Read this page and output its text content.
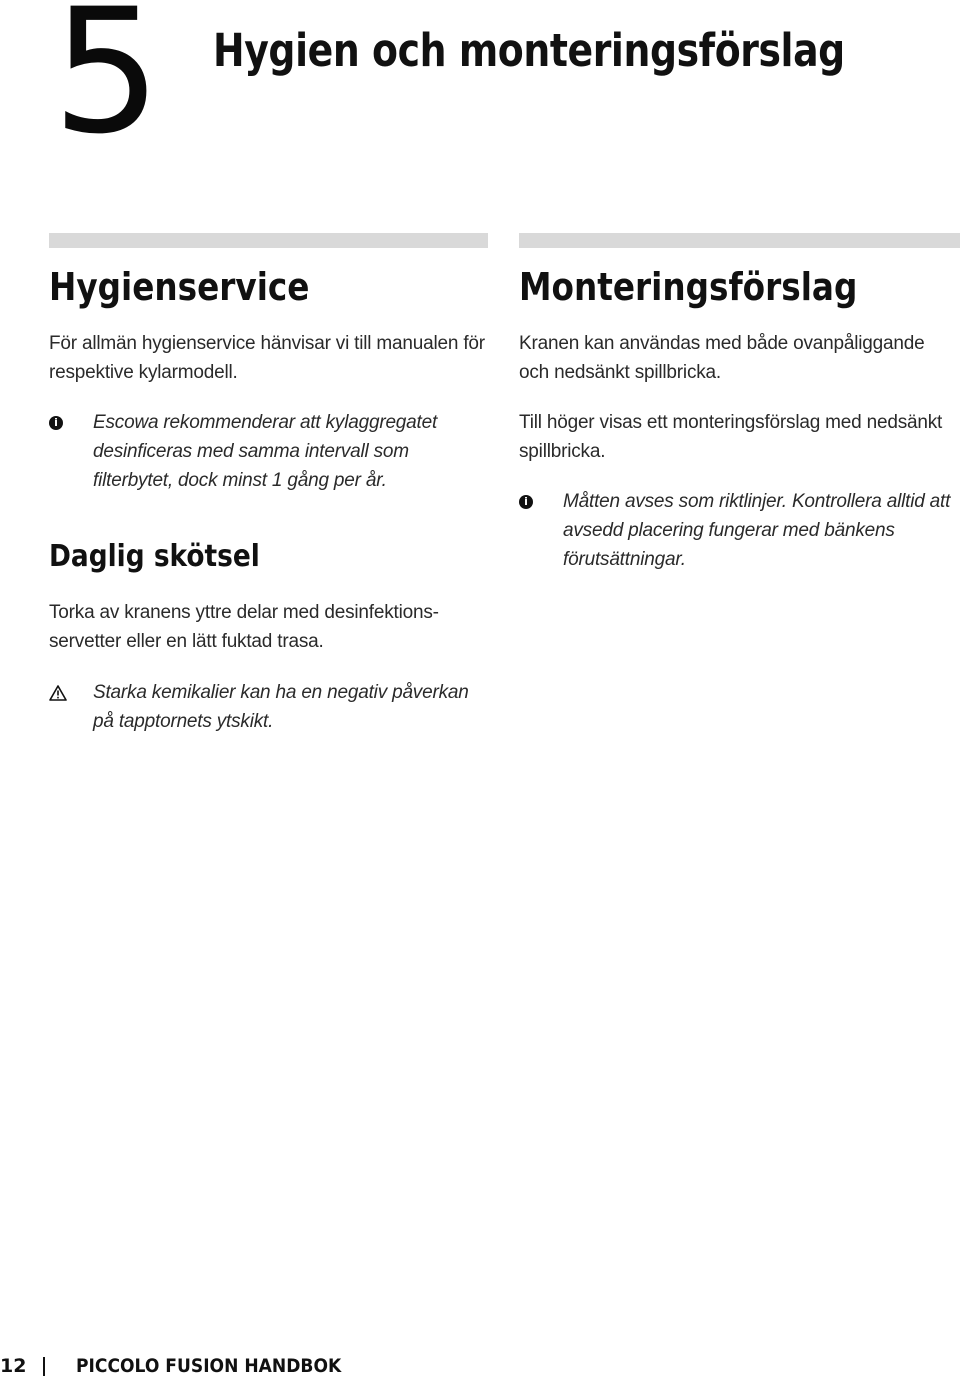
5 Hygien och monteringsförslag
Hygienservice

För allmän hygienservice hänvisar vi till manualen för respektive kylarmodell.

i Escowa rekommenderar att kylaggregatet desinficeras med samma intervall som filterbytet, dock minst 1 gång per år.

Daglig skötsel

Torka av kranens yttre delar med desinfektionsservetter eller en lätt fuktad trasa.

Starka kemikalier kan ha en negativ påverkan på tapptornets ytskikt.

Monteringsförslag

Kranen kan användas med både ovanpåliggande och nedsänkt spillbricka.

Till höger visas ett monteringsförslag med nedsänkt spillbricka.

i Måtten avses som riktlinjer. Kontrollera alltid att avsedd placering fungerar med bänkens förutsättningar.

12	PICCOLO FUSION HANDBOK
